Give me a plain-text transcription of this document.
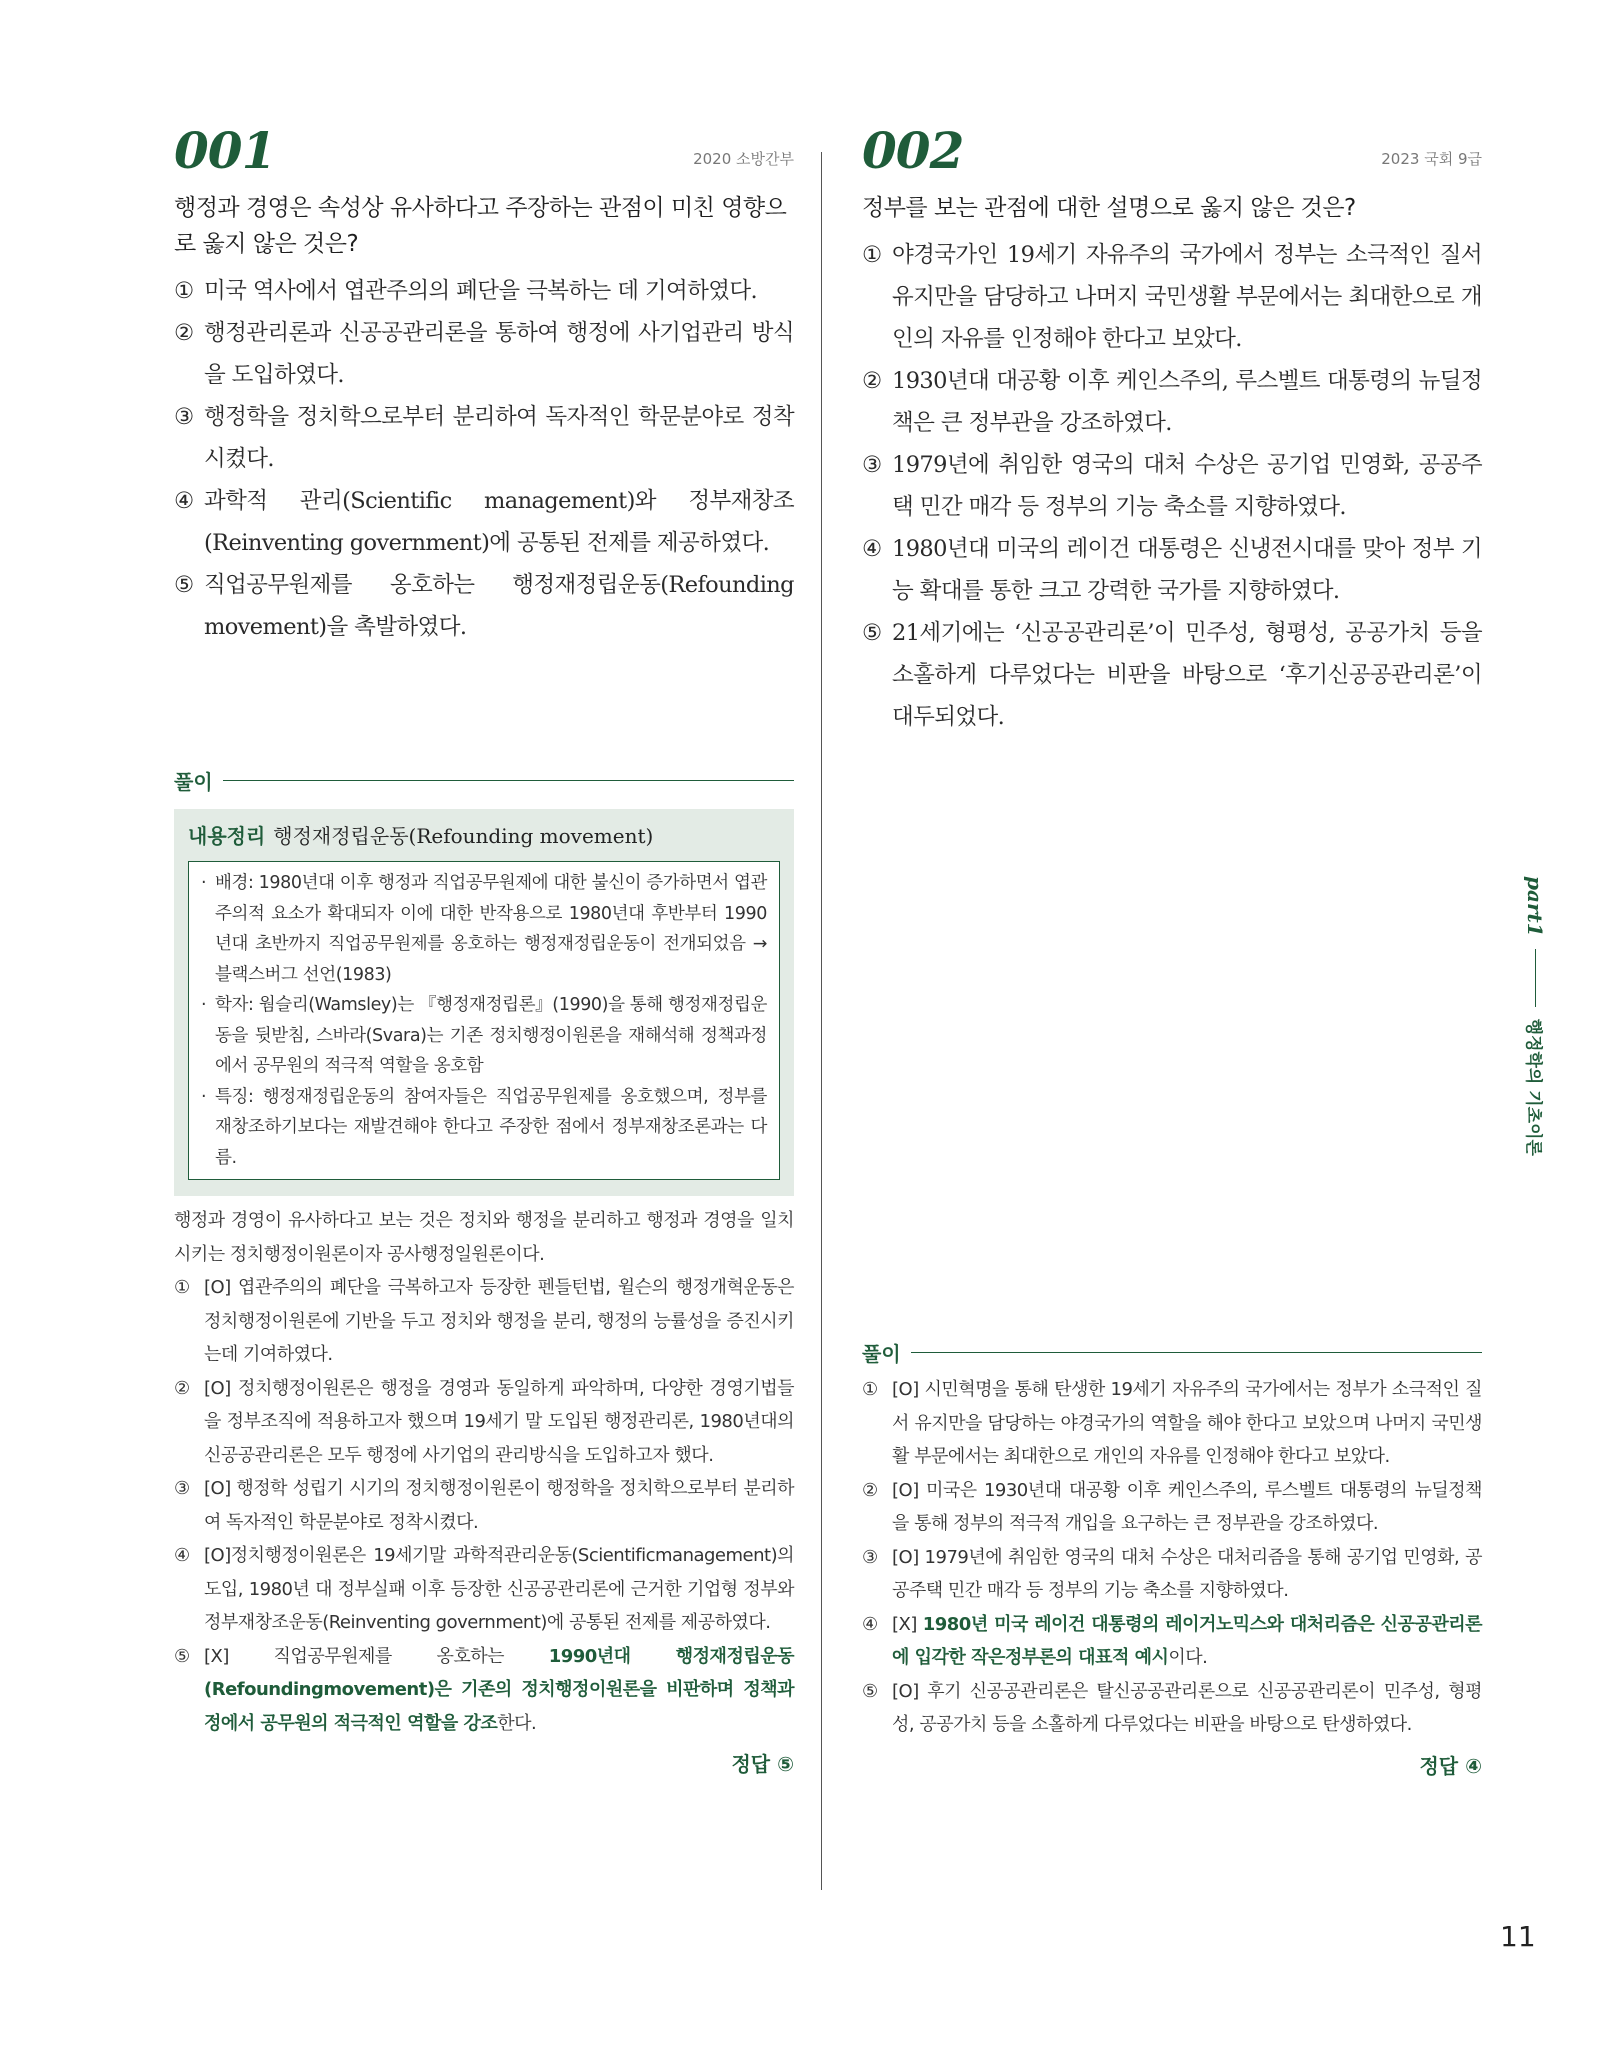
001	2020 소방간부
행정과 경영은 속성상 유사하다고 주장하는 관점이 미친 영향으로 옳지 않은 것은?
① 미국 역사에서 엽관주의의 폐단을 극복하는 데 기여하였다.
② 행정관리론과 신공공관리론을 통하여 행정에 사기업관리 방식을 도입하였다.
③ 행정학을 정치학으로부터 분리하여 독자적인 학문분야로 정착시켰다.
④ 과학적 관리(Scientific management)와 정부재창조(Reinventing government)에 공통된 전제를 제공하였다.
⑤ 직업공무원제를 옹호하는 행정재정립운동(Refounding movement)을 촉발하였다.
풀이
내용정리 행정재정립운동(Refounding movement)
· 배경: 1980년대 이후 행정과 직업공무원제에 대한 불신이 증가하면서 엽관주의적 요소가 확대되자 이에 대한 반작용으로 1980년대 후반부터 1990년대 초반까지 직업공무원제를 옹호하는 행정재정립운동이 전개되었음 → 블랙스버그 선언(1983)
· 학자: 웜슬리(Wamsley)는 『행정재정립론』(1990)을 통해 행정재정립운동을 뒷받침, 스바라(Svara)는 기존 정치행정이원론을 재해석해 정책과정에서 공무원의 적극적 역할을 옹호함
· 특징: 행정재정립운동의 참여자들은 직업공무원제를 옹호했으며, 정부를 재창조하기보다는 재발견해야 한다고 주장한 점에서 정부재창조론과는 다름.

행정과 경영이 유사하다고 보는 것은 정치와 행정을 분리하고 행정과 경영을 일치시키는 정치행정이원론이자 공사행정일원론이다.

① [O] 엽관주의의 폐단을 극복하고자 등장한 펜들턴법, 윌슨의 행정개혁운동은 정치행정이원론에 기반을 두고 정치와 행정을 분리, 행정의 능률성을 증진시키는데 기여하였다.
② [O] 정치행정이원론은 행정을 경영과 동일하게 파악하며, 다양한 경영기법들을 정부조직에 적용하고자 했으며 19세기 말 도입된 행정관리론, 1980년대의 신공공관리론은 모두 행정에 사기업의 관리방식을 도입하고자 했다.
③ [O] 행정학 성립기 시기의 정치행정이원론이 행정학을 정치학으로부터 분리하여 독자적인 학문분야로 정착시켰다.
④ [O]정치행정이원론은 19세기말 과학적관리운동(Scientificmanagement)의 도입, 1980년 대 정부실패 이후 등장한 신공공관리론에 근거한 기업형 정부와 정부재창조운동(Reinventing government)에 공통된 전제를 제공하였다.
⑤ [X] 직업공무원제를 옹호하는 1990년대 행정재정립운동(Refoundingmovement)은 기존의 정치행정이원론을 비판하며 정책과정에서 공무원의 적극적인 역할을 강조한다.
정답 ⑤
002	2023 국회 9급
정부를 보는 관점에 대한 설명으로 옳지 않은 것은?
① 야경국가인 19세기 자유주의 국가에서 정부는 소극적인 질서 유지만을 담당하고 나머지 국민생활 부문에서는 최대한으로 개인의 자유를 인정해야 한다고 보았다.
② 1930년대 대공황 이후 케인스주의, 루스벨트 대통령의 뉴딜정책은 큰 정부관을 강조하였다.
③ 1979년에 취임한 영국의 대처 수상은 공기업 민영화, 공공주택 민간 매각 등 정부의 기능 축소를 지향하였다.
④ 1980년대 미국의 레이건 대통령은 신냉전시대를 맞아 정부 기능 확대를 통한 크고 강력한 국가를 지향하였다.
⑤ 21세기에는 ‘신공공관리론’이 민주성, 형평성, 공공가치 등을 소홀하게 다루었다는 비판을 바탕으로 ‘후기신공공관리론’이 대두되었다.
풀이
① [O] 시민혁명을 통해 탄생한 19세기 자유주의 국가에서는 정부가 소극적인 질서 유지만을 담당하는 야경국가의 역할을 해야 한다고 보았으며 나머지 국민생활 부문에서는 최대한으로 개인의 자유를 인정해야 한다고 보았다.
② [O] 미국은 1930년대 대공황 이후 케인스주의, 루스벨트 대통령의 뉴딜정책을 통해 정부의 적극적 개입을 요구하는 큰 정부관을 강조하였다.
③ [O] 1979년에 취임한 영국의 대처 수상은 대처리즘을 통해 공기업 민영화, 공공주택 민간 매각 등 정부의 기능 축소를 지향하였다.
④ [X] 1980년 미국 레이건 대통령의 레이거노믹스와 대처리즘은 신공공관리론에 입각한 작은정부론의 대표적 예시이다.
⑤ [O] 후기 신공공관리론은 탈신공공관리론으로 신공공관리론이 민주성, 형평성, 공공가치 등을 소홀하게 다루었다는 비판을 바탕으로 탄생하였다.
정답 ④
part1
행정학의 기초이론
11
